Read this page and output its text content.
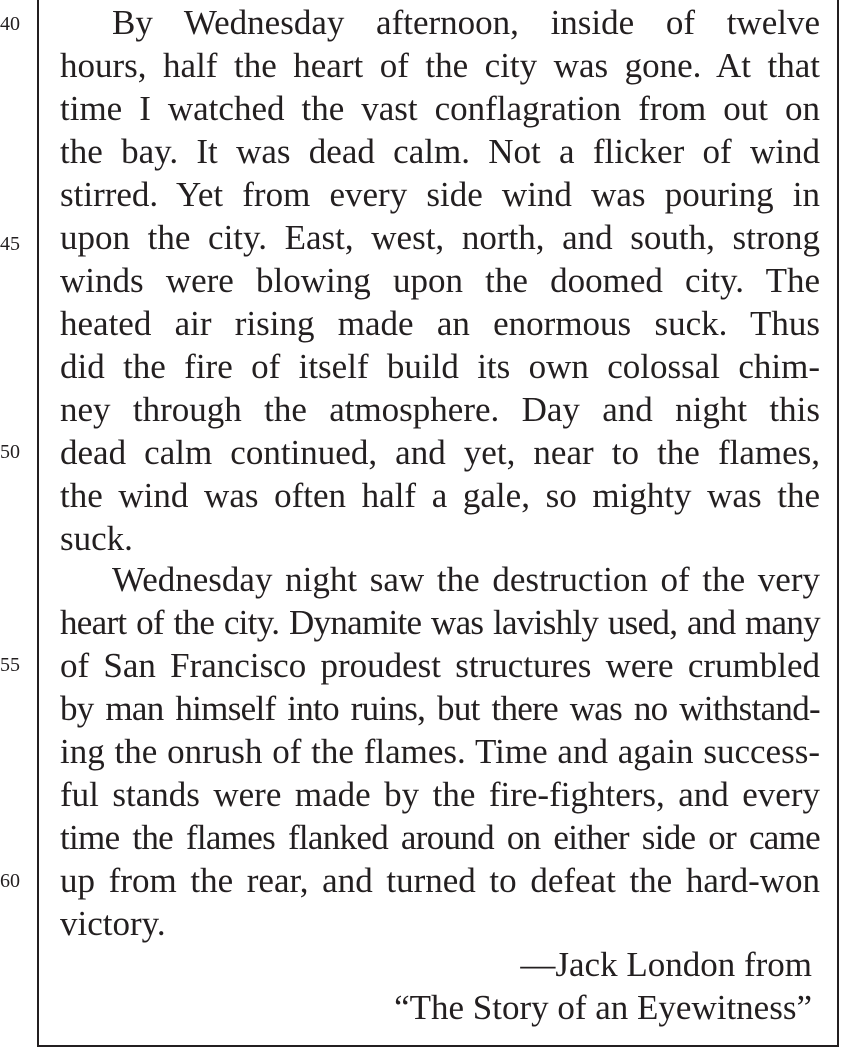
40
45
50
55
60
By Wednesday afternoon, inside of twelve
hours, half the heart of the city was gone. At that
time I watched the vast conflagration from out on
the bay. It was dead calm. Not a flicker of wind
stirred. Yet from every side wind was pouring in
upon the city. East, west, north, and south, strong
winds were blowing upon the doomed city. The
heated air rising made an enormous suck. Thus
did the fire of itself build its own colossal chim-
ney through the atmosphere. Day and night this
dead calm continued, and yet, near to the flames,
the wind was often half a gale, so mighty was the
suck.
Wednesday night saw the destruction of the very
heart of the city. Dynamite was lavishly used, and many
of San Francisco proudest structures were crumbled
by man himself into ruins, but there was no withstand-
ing the onrush of the flames. Time and again success-
ful stands were made by the fire-fighters, and every
time the flames flanked around on either side or came
up from the rear, and turned to defeat the hard-won
victory.
—Jack London from
“The Story of an Eyewitness”
